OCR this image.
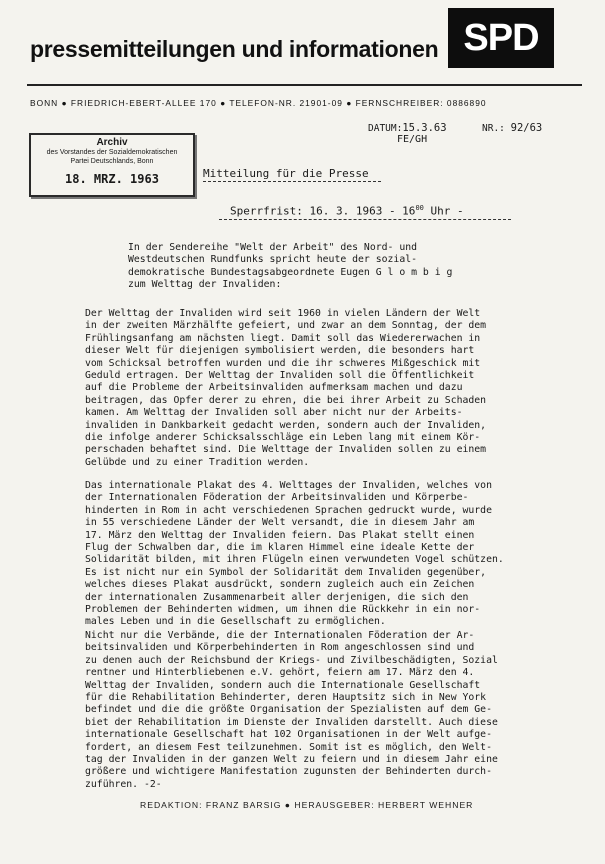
pressemitteilungen und informationen SPD
BONN ● FRIEDRICH-EBERT-ALLEE 170 ● TELEFON-NR. 21901-09 ● FERNSCHREIBER: 0886890
Archiv
des Vorstandes der Sozialdemokratischen
Partei Deutschlands, Bonn
18. MRZ. 1963
DATUM:15.3.63	NR.: 92/63
FE/GH
Mitteilung für die Presse
Sperrfrist: 16. 3. $1963 - 16^{00}$ Uhr -
In der Sendereihe "Welt der Arbeit" des Nord- und
Westdeutschen Rundfunks spricht heute der sozial-
demokratische Bundestagsabgeordnete Eugen G l o m b i g
zum Welttag der Invaliden:
Der Welttag der Invaliden wird seit 1960 in vielen Ländern der Welt
in der zweiten Märzhälfte gefeiert, und zwar an dem Sonntag, der dem
Frühlingsanfang am nächsten liegt. Damit soll das Wiedererwachen in
dieser Welt für diejenigen symbolisiert werden, die besonders hart
vom Schicksal betroffen wurden und die ihr schweres Mißgeschick mit
Geduld ertragen. Der Welttag der Invaliden soll die Öffentlichkeit
auf die Probleme der Arbeitsinvaliden aufmerksam machen und dazu
beitragen, das Opfer derer zu ehren, die bei ihrer Arbeit zu Schaden
kamen. Am Welttag der Invaliden soll aber nicht nur der Arbeits-
invaliden in Dankbarkeit gedacht werden, sondern auch der Invaliden,
die infolge anderer Schicksalsschläge ein Leben lang mit einem Kör-
perschaden behaftet sind. Die Welttage der Invaliden sollen zu einem
Gelübde und zu einer Tradition werden.
Das internationale Plakat des 4. Welttages der Invaliden, welches von
der Internationalen Föderation der Arbeitsinvaliden und Körperbe-
hinderten in Rom in acht verschiedenen Sprachen gedruckt wurde, wurde
in 55 verschiedene Länder der Welt versandt, die in diesem Jahr am
17. März den Welttag der Invaliden feiern. Das Plakat stellt einen
Flug der Schwalben dar, die im klaren Himmel eine ideale Kette der
Solidarität bilden, mit ihren Flügeln einen verwundeten Vogel schützen.
Es ist nicht nur ein Symbol der Solidarität dem Invaliden gegenüber,
welches dieses Plakat ausdrückt, sondern zugleich auch ein Zeichen
der internationalen Zusammenarbeit aller derjenigen, die sich den
Problemen der Behinderten widmen, um ihnen die Rückkehr in ein nor-
males Leben und in die Gesellschaft zu ermöglichen.
Nicht nur die Verbände, die der Internationalen Föderation der Ar-
beitsinvaliden und Körperbehinderten in Rom angeschlossen sind und
zu denen auch der Reichsbund der Kriegs- und Zivilbeschädigten, Sozial
rentner und Hinterbliebenen e.V. gehört, feiern am 17. März den 4.
Welttag der Invaliden, sondern auch die Internationale Gesellschaft
für die Rehabilitation Behinderter, deren Hauptsitz sich in New York
befindet und die die größte Organisation der Spezialisten auf dem Ge-
biet der Rehabilitation im Dienste der Invaliden darstellt. Auch diese
internationale Gesellschaft hat 102 Organisationen in der Welt aufge-
fordert, an diesem Fest teilzunehmen. Somit ist es möglich, den Welt-
tag der Invaliden in der ganzen Welt zu feiern und in diesem Jahr eine
größere und wichtigere Manifestation zugunsten der Behinderten durch-
zuführen. -2-
REDAKTION: FRANZ BARSIG ● HERAUSGEBER: HERBERT WEHNER
